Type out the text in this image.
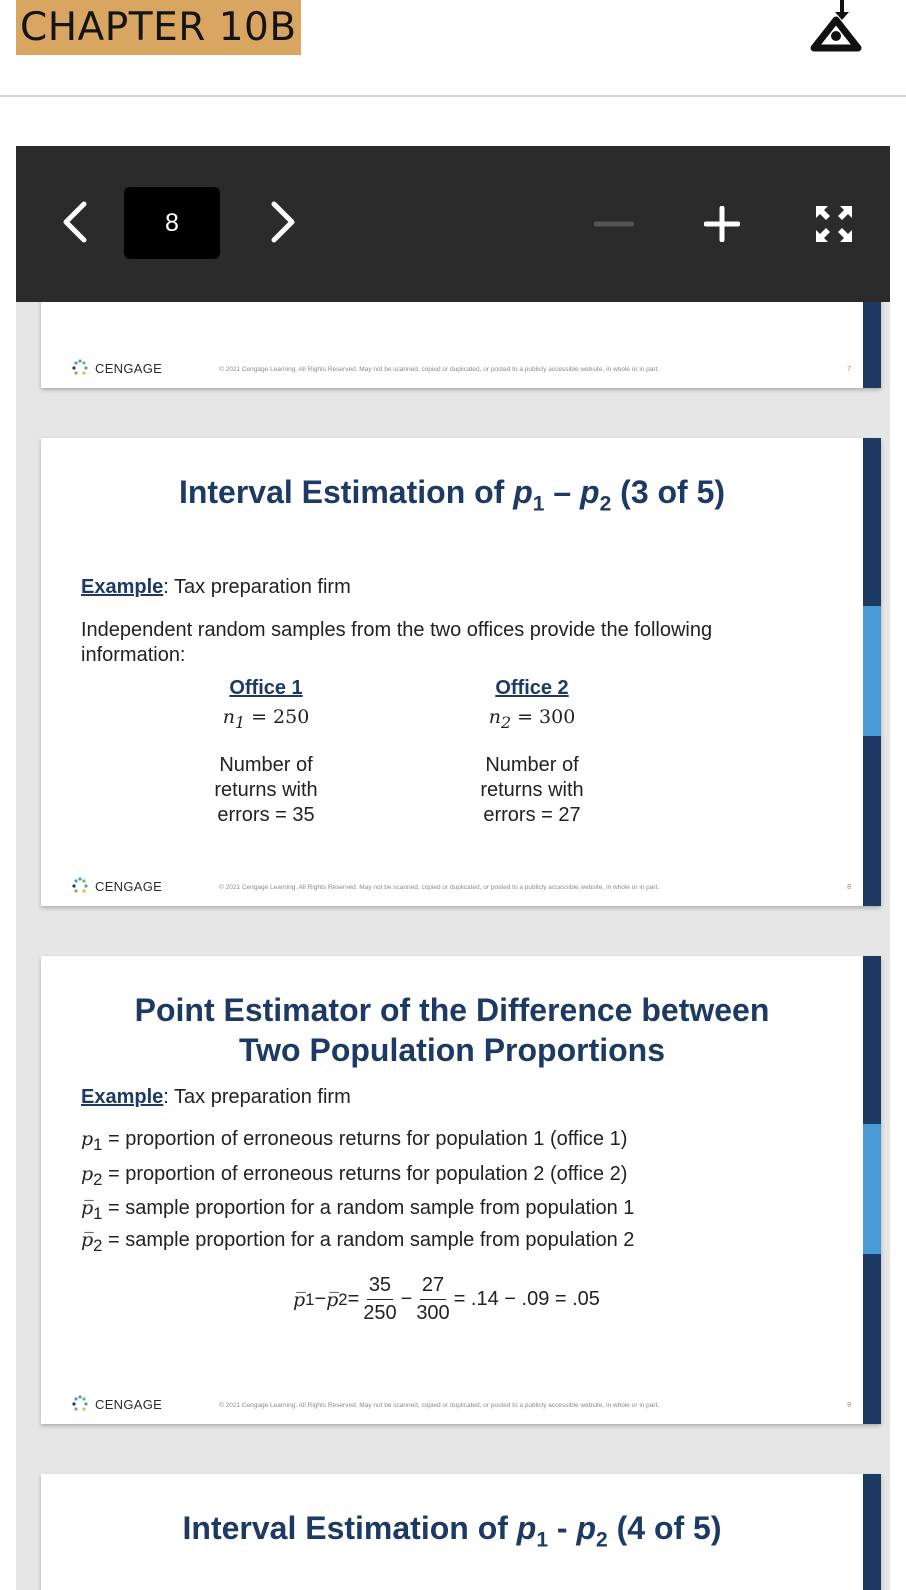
CHAPTER 10B
8
CENGAGE	© 2021 Cengage Learning. All Rights Reserved. May not be scanned, copied or duplicated, or posted to a publicly accessible website, in whole or in part.	7
Interval Estimation of $p_1 - p_2$ (3 of 5)
Example: Tax preparation firm
Independent random samples from the two offices provide the following information:
Office 1
$n_1 = 250$
Number of returns with errors = 35
Office 2
$n_2 = 300$
Number of returns with errors = 27
CENGAGE	© 2021 Cengage Learning. All Rights Reserved. May not be scanned, copied or duplicated, or posted to a publicly accessible website, in whole or in part.	8
Point Estimator of the Difference between
Two Population Proportions
Example: Tax preparation firm
$p_1$ = proportion of erroneous returns for population 1 (office 1)
$p_2$ = proportion of erroneous returns for population 2 (office 2)
$p̅_1$ = sample proportion for a random sample from population 1
$p̅_2$ = sample proportion for a random sample from population 2
p̅ 1 − p̅ $2 = \frac{35}{250} - \frac{27}{300} = .14 - .09 = .05$
CENGAGE	© 2021 Cengage Learning. All Rights Reserved. May not be scanned, copied or duplicated, or posted to a publicly accessible website, in whole or in part.	9
Interval Estimation of $p_1 - p_2$ (4 of 5)
